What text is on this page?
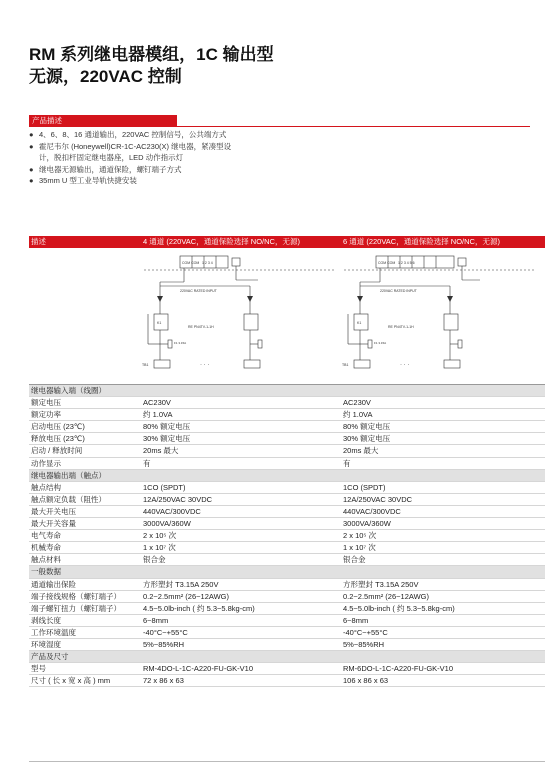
RM 系列继电器模组，1C 输出型
无源，220VAC 控制
产品描述
● 4、6、8、16 通道输出，220VAC 控制信号，公共端方式
● 霍尼韦尔 (Honeywell)CR-1C-AC230(X) 继电器，紧凑型设
计，脱扣杆固定继电器座，LED 动作指示灯
● 继电器无源输出，通道保险，螺钉端子方式
● 35mm U 型工业导轨快捷安装
描述	4 通道 (220VAC，通道保险选择 NO/NC，无源)	6 通道 (220VAC，通道保险选择 NO/NC，无源)
COM COM 1 2 3 4
220VAC RATED INPUT
RE PN4TV-1-1H
F1 3.15A
TB1
K1
· · ·
COM COM 1 2 3 4 5 6
220VAC RATED INPUT
RE PN4TV-1-1H
F1 3.15A
TB1
K1
· · ·
继电器输入端（线圈）
额定电压	AC230V	AC230V
额定功率	约 1.0VA	约 1.0VA
启动电压 (23℃)	80% 额定电压	80% 额定电压
释放电压 (23℃)	30% 额定电压	30% 额定电压
启动 / 释放时间	20ms 最大	20ms 最大
动作显示	有	有
继电器输出端（触点）
触点结构	1CO (SPDT)	1CO (SPDT)
触点额定负载（阻性）	12A/250VAC 30VDC	12A/250VAC 30VDC
最大开关电压	440VAC/300VDC	440VAC/300VDC
最大开关容量	3000VA/360W	3000VA/360W
电气寿命	2 x 10⁵ 次	2 x 10⁵ 次
机械寿命	1 x 10⁷ 次	1 x 10⁷ 次
触点材料	银合金	银合金
一般数据
通道输出保险	方形塑封 T3.15A 250V	方形塑封 T3.15A 250V
端子接线规格（螺钉端子）	0.2~2.5mm² (26~12AWG)	0.2~2.5mm² (26~12AWG)
端子螺钉扭力（螺钉端子）	4.5~5.0lb-inch ( 约 5.3~5.8kg-cm)	4.5~5.0lb-inch ( 约 5.3~5.8kg-cm)
剥线长度	6~8mm	6~8mm
工作环境温度	-40°C~+55°C	-40°C~+55°C
环境湿度	5%~85%RH	5%~85%RH
产品及尺寸
型号	RM-4DO-L-1C-A220-FU-GK-V10	RM-6DO-L-1C-A220-FU-GK-V10
尺寸 ( 长 x 宽 x 高 ) mm	72 x 86 x 63	106 x 86 x 63
